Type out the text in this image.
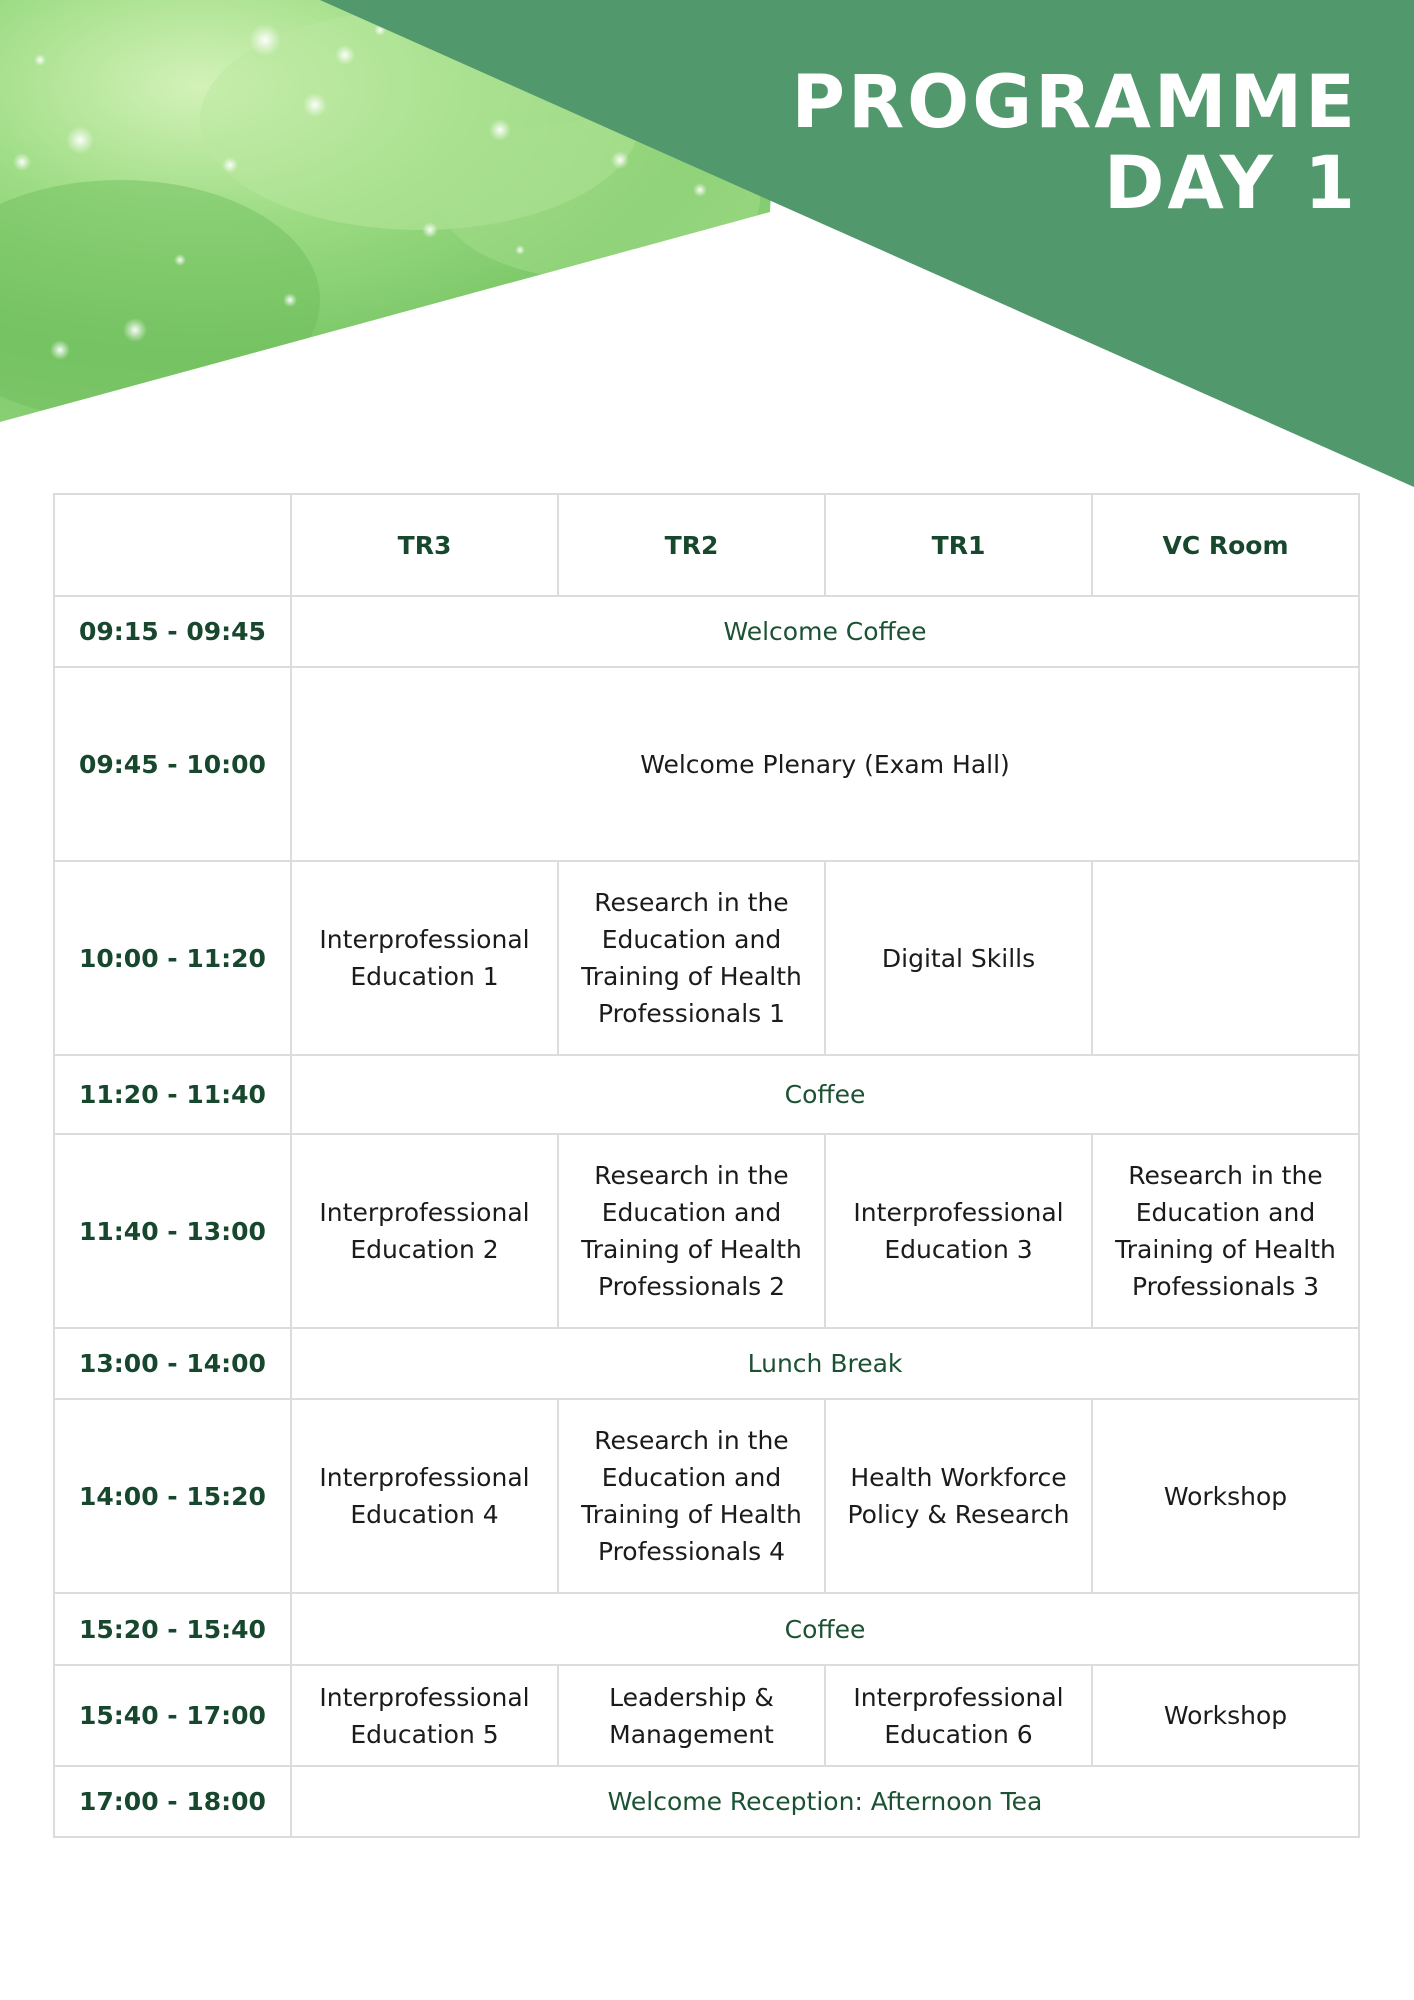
PROGRAMME
DAY 1
	TR3	TR2	TR1	VC Room
09:15 - 09:45	Welcome Coffee			
09:45 - 10:00	Welcome Plenary (Exam Hall)			
10:00 - 11:20	Interprofessional Education 1	Research in the Education and Training of Health Professionals 1	Digital Skills	
11:20 - 11:40	Coffee			
11:40 - 13:00	Interprofessional Education 2	Research in the Education and Training of Health Professionals 2	Interprofessional Education 3	Research in the Education and Training of Health Professionals 3
13:00 - 14:00	Lunch Break			
14:00 - 15:20	Interprofessional Education 4	Research in the Education and Training of Health Professionals 4	Health Workforce Policy & Research	Workshop
15:20 - 15:40	Coffee			
15:40 - 17:00	Interprofessional Education 5	Leadership & Management	Interprofessional Education 6	Workshop
17:00 - 18:00	Welcome Reception: Afternoon Tea			
